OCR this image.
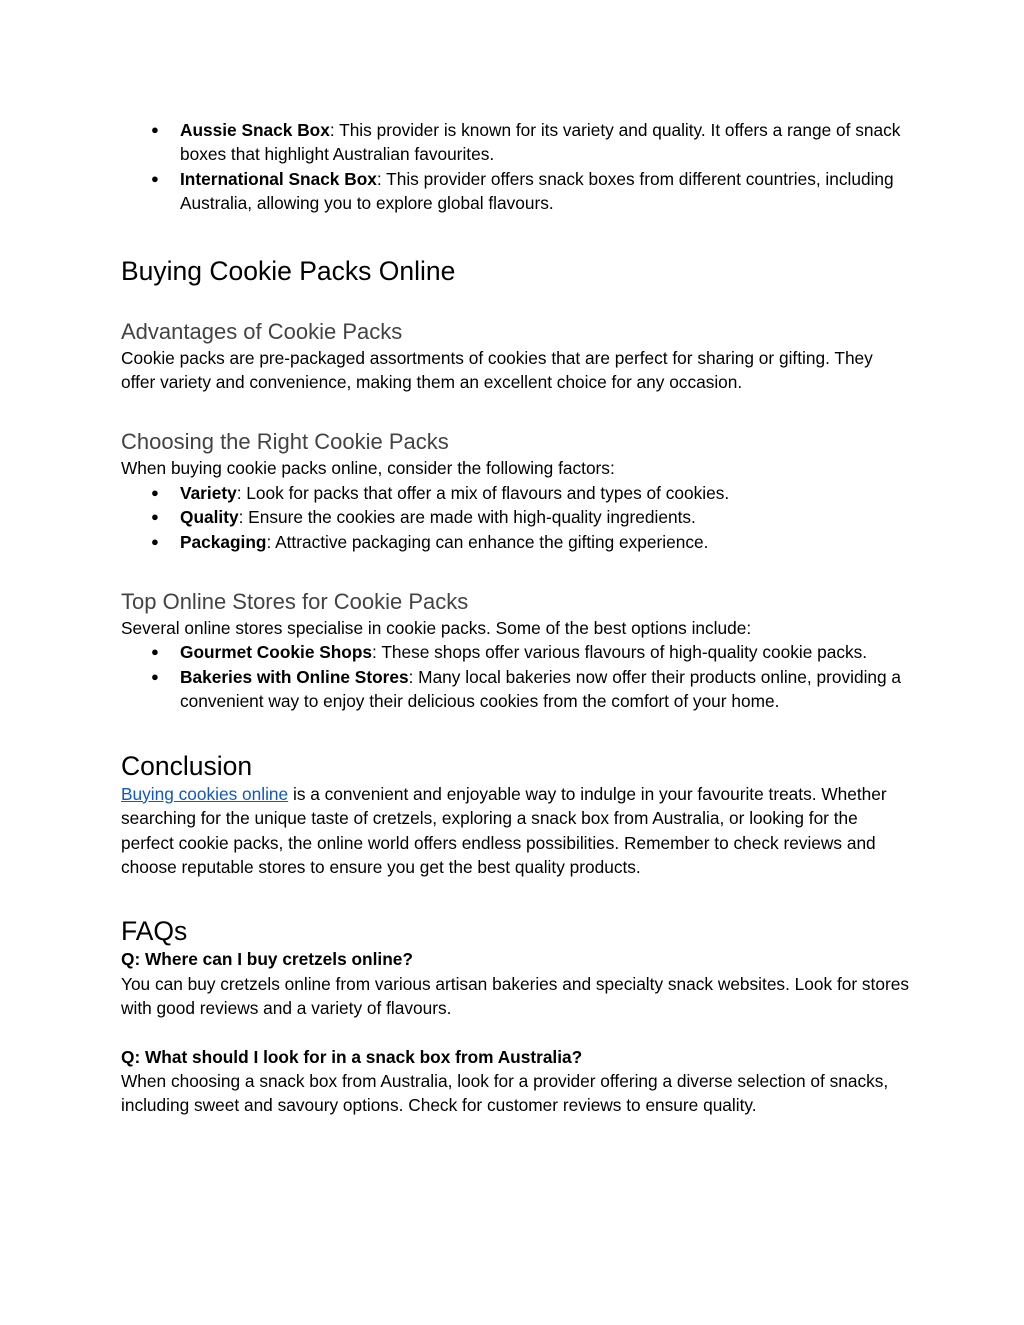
● Aussie Snack Box: This provider is known for its variety and quality. It offers a range of snack boxes that highlight Australian favourites.
● International Snack Box: This provider offers snack boxes from different countries, including Australia, allowing you to explore global flavours.
Buying Cookie Packs Online
Advantages of Cookie Packs

Cookie packs are pre-packaged assortments of cookies that are perfect for sharing or gifting. They offer variety and convenience, making them an excellent choice for any occasion.

Choosing the Right Cookie Packs

When buying cookie packs online, consider the following factors:

● Variety: Look for packs that offer a mix of flavours and types of cookies.
● Quality: Ensure the cookies are made with high-quality ingredients.
● Packaging: Attractive packaging can enhance the gifting experience.
Top Online Stores for Cookie Packs

Several online stores specialise in cookie packs. Some of the best options include:

● Gourmet Cookie Shops: These shops offer various flavours of high-quality cookie packs.
● Bakeries with Online Stores: Many local bakeries now offer their products online, providing a convenient way to enjoy their delicious cookies from the comfort of your home.
Conclusion

Buying cookies online is a convenient and enjoyable way to indulge in your favourite treats. Whether searching for the unique taste of cretzels, exploring a snack box from Australia, or looking for the perfect cookie packs, the online world offers endless possibilities. Remember to check reviews and choose reputable stores to ensure you get the best quality products.

FAQs

Q: Where can I buy cretzels online?

You can buy cretzels online from various artisan bakeries and specialty snack websites. Look for stores with good reviews and a variety of flavours.

Q: What should I look for in a snack box from Australia?

When choosing a snack box from Australia, look for a provider offering a diverse selection of snacks, including sweet and savoury options. Check for customer reviews to ensure quality.
